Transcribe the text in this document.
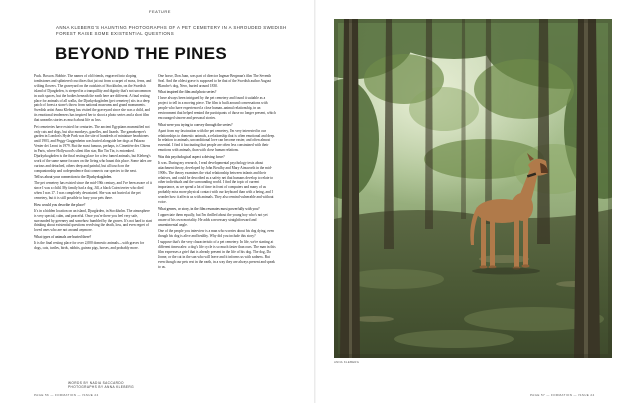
FEATURE
ANNA KLEBERG'S HAUNTING PHOTOGRAPHS OF A PET CEMETERY IN A SHROUDED SWEDISH FOREST RAISE SOME EXISTENTIAL QUESTIONS
BEYOND THE PINES

Puck. Bosson. Bobbie. The names of old friends, engraved into sloping tombstones and splintered crucifixes that jut out from a carpet of moss, ferns, and wilting flowers. The graveyard on the outskirts of Stockholm, on the Swedish island of Djurgården, is steeped in a tranquillity and dignity that's not uncommon in such spaces, but the bodies beneath the earth here are different. A final resting place for animals of all walks, the Djurkyrkogården (pet cemetery) sits in a deep patch of forest a stone's throw from national museums and grand monuments. Swedish artist Anna Kleberg has visited the graveyard since she was a child, and its emotional tenderness has inspired her to shoot a photo series and a short film that unearths stories as much about life as loss.

Pet cemeteries have existed for centuries. The ancient Egyptians mummified not only cats and dogs, but also monkeys, gazelles, and lizards. The gamekeeper's garden in London's Hyde Park was the site of hundreds of miniature headstones until 1903, and Peggy Guggenheim was buried alongside her dogs at Palazzo Venier dei Leoni in 1979. But the most famous, perhaps, is Cimetière des Chiens in Paris, where Hollywood's silent film star, Rin Tin Tin, is entombed. Djurkyrkogården is the final resting place for a few famed animals, but Kleberg's work of the same name focuses on the living who haunt this place. Some tales are curious and detached, others deep and painful, but all touch on the companionship and codependence that connects our species to the next.

Tell us about your connection to the Djurkyrkogården.

The pet cemetery has existed since the mid-19th century, and I've been aware of it since I was a child. My family had a dog, Jill, a black Cairn terrier who died when I was 17. I was completely devastated. She was not buried at the pet cemetery, but it is still possible to bury your pets there.

How would you describe the place?

It's in a hidden location on an island, Djurgården, in Stockholm. The atmosphere is very special, calm, and peaceful. Once you're there you feel very safe, surrounded by greenery and somehow humbled by the graves. It's not hard to start thinking about existential questions revolving the death, loss, and even regret of loved ones who are not around anymore.

What types of animals are buried there?

It is the final resting place for over 2,000 domestic animals—with graves for dogs, cats, turtles, birds, rabbits, guinea pigs, horses, and probably more.

One horse, Don Juan, was part of director Ingmar Bergman's film The Seventh Seal. And the oldest grave is supposed to be that of the Swedish author August Blanche's dog, Nero, buried around 1830.

What inspired the film and photo series?

I have always been intrigued by the pet cemetery and found it suitable as a project to tell in a moving piece. The film is built around conversations with people who have experienced a close human–animal relationship, in an environment that helped remind the participants of those no longer present, which encouraged sincere and personal stories.

What were you trying to convey through the series?

Apart from my fascination with the pet cemetery, I'm very interested in our relationships to domestic animals, a relationship that is often emotional and deep. In relation to animals, unconditional love can become easier, and often almost essential. I find it fascinating that people are often less constrained with their emotions with animals, than with close human relations.

Was this psychological aspect a driving force?

It was. During my research, I read developmental psychology texts about attachment theory, developed by John Bowlby and Mary Ainsworth in the mid-1900s. The theory examines the vital relationship between infants and their relatives, and could be described as a safety net that humans develop to relate to other individuals and the surrounding world. I find the topic of current importance, as we spend a lot of time in front of computers and many of us probably miss more physical contact with our keyboard than with a being, and I wonder how it affects us with animals. They also remind vulnerable and without voice.

What genres, or story, in the film resonates most powerfully with you?

I appreciate them equally, but I'm thrilled about the young boy who's not yet aware of his own mortality. He adds a necessary straightforward and unsentimental angle.

One of the people you interview is a man who worries about his dog dying, even though his dog is alive and healthy. Why did you include this story?

I suppose that's the very characteristic of a pet cemetery. In life, we're starting at different timescales: a dog's life cycle is so much faster than ours. The man in this film expresses a grief that is already present in the life of his dog. The dog, Da Jonne, or the cat in the sun who will leave and it informs us with sadness. But even though our pets rest in the earth, in a way they are always present and speak to us.

WORDS BY NADIA SACCARDO
PHOTOGRAPHS BY ANNA KLEBERG
PAGE 56 — FORMATION — ISSUE 24
ANNA KLEBERG
PAGE 57 — FORMATION — ISSUE 24
